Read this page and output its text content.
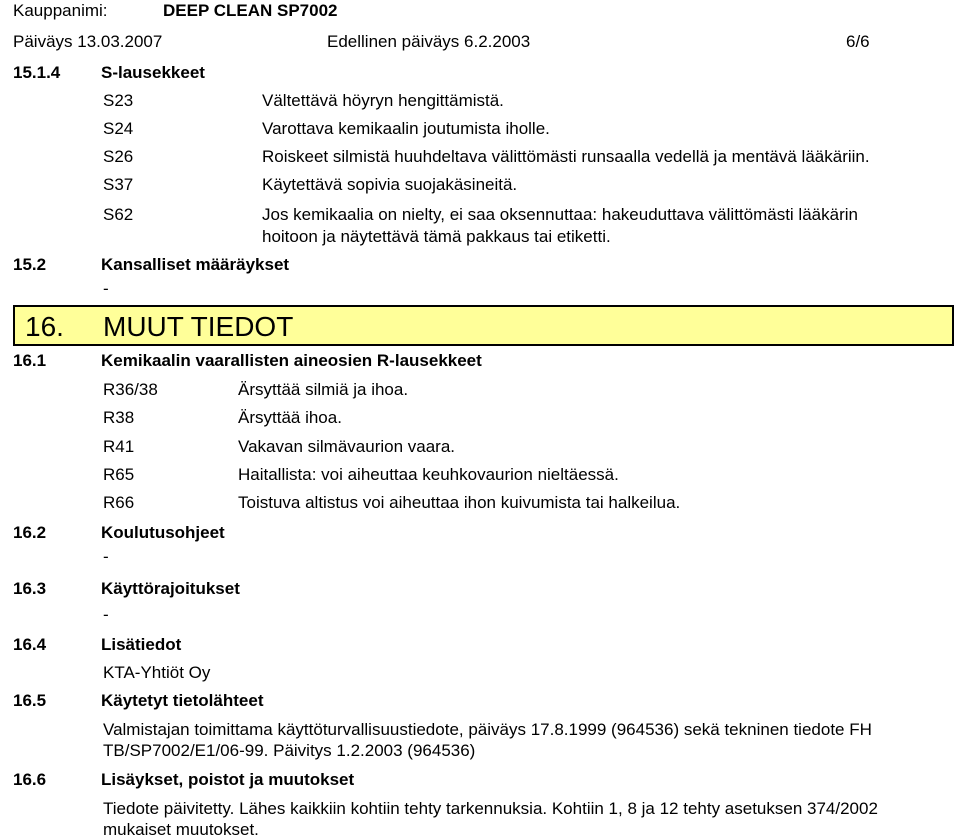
Kauppanimi:	DEEP CLEAN SP7002
Päiväys 13.03.2007	Edellinen päiväys 6.2.2003	6/6
15.1.4 S-lausekkeet
S23	Vältettävä höyryn hengittämistä.
S24	Varottava kemikaalin joutumista iholle.
S26	Roiskeet silmistä huuhdeltava välittömästi runsaalla vedellä ja mentävä lääkäriin.
S37	Käytettävä sopivia suojakäsineitä.
S62	Jos kemikaalia on nielty, ei saa oksennuttaa: hakeuduttava välittömästi lääkärin
hoitoon ja näytettävä tämä pakkaus tai etiketti.
15.2	Kansalliset määräykset
-
16. MUUT TIEDOT
16.1	Kemikaalin vaarallisten aineosien R-lausekkeet
R36/38	Ärsyttää silmiä ja ihoa.
R38	Ärsyttää ihoa.
R41	Vakavan silmävaurion vaara.
R65	Haitallista: voi aiheuttaa keuhkovaurion nieltäessä.
R66	Toistuva altistus voi aiheuttaa ihon kuivumista tai halkeilua.
16.2	Koulutusohjeet
-
16.3	Käyttörajoitukset
-
16.4	Lisätiedot
KTA-Yhtiöt Oy
16.5	Käytetyt tietolähteet
Valmistajan toimittama käyttöturvallisuustiedote, päiväys 17.8.1999 (964536) sekä tekninen tiedote FH
TB/SP7002/E1/06-99. Päivitys 1.2.2003 (964536)
16.6	Lisäykset, poistot ja muutokset
Tiedote päivitetty. Lähes kaikkiin kohtiin tehty tarkennuksia. Kohtiin 1, 8 ja 12 tehty asetuksen 374/2002
mukaiset muutokset.
